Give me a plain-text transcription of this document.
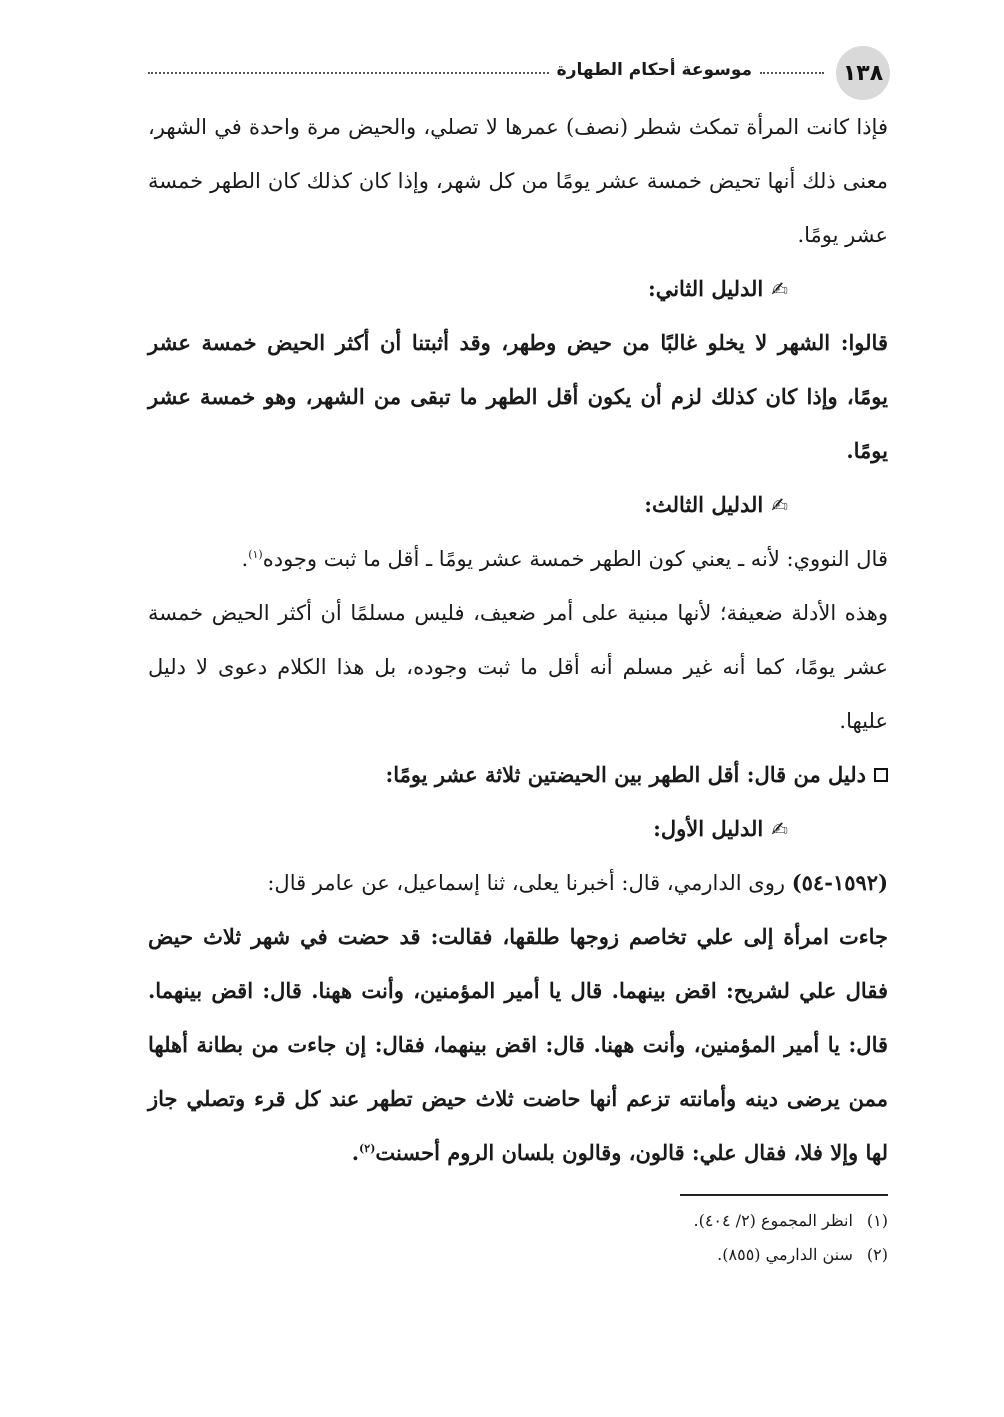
١٣٨
موسوعة أحكام الطهارة

فإذا كانت المرأة تمكث شطر (نصف) عمرها لا تصلي، والحيض مرة واحدة في الشهر، معنى ذلك أنها تحيض خمسة عشر يومًا من كل شهر، وإذا كان كذلك كان الطهر خمسة عشر يومًا.

✍
الدليل الثاني:

قالوا: الشهر لا يخلو غالبًا من حيض وطهر، وقد أثبتنا أن أكثر الحيض خمسة عشر يومًا، وإذا كان كذلك لزم أن يكون أقل الطهر ما تبقى من الشهر، وهو خمسة عشر يومًا.

✍
الدليل الثالث:

قال النووي: لأنه ـ يعني كون الطهر خمسة عشر يومًا ـ أقل ما ثبت وجوده$^{(١)}$.

وهذه الأدلة ضعيفة؛ لأنها مبنية على أمر ضعيف، فليس مسلمًا أن أكثر الحيض خمسة عشر يومًا، كما أنه غير مسلم أنه أقل ما ثبت وجوده، بل هذا الكلام دعوى لا دليل عليها.

دليل من قال: أقل الطهر بين الحيضتين ثلاثة عشر يومًا:
✍
الدليل الأول:

(١٥٩٢-٥٤) روى الدارمي، قال: أخبرنا يعلى، ثنا إسماعيل، عن عامر قال:

جاءت امرأة إلى علي تخاصم زوجها طلقها، فقالت: قد حضت في شهر ثلاث حيض فقال علي لشريح: اقض بينهما. قال يا أمير المؤمنين، وأنت ههنا. قال: اقض بينهما. قال: يا أمير المؤمنين، وأنت ههنا. قال: اقض بينهما، فقال: إن جاءت من بطانة أهلها ممن يرضى دينه وأمانته تزعم أنها حاضت ثلاث حيض تطهر عند كل قرء وتصلي جاز لها وإلا فلا، فقال علي: قالون، وقالون بلسان الروم أحسنت$^{(٢)}$.

(١)
انظر المجموع (٢/ ٤٠٤).
(٢)
سنن الدارمي (٨٥٥).
